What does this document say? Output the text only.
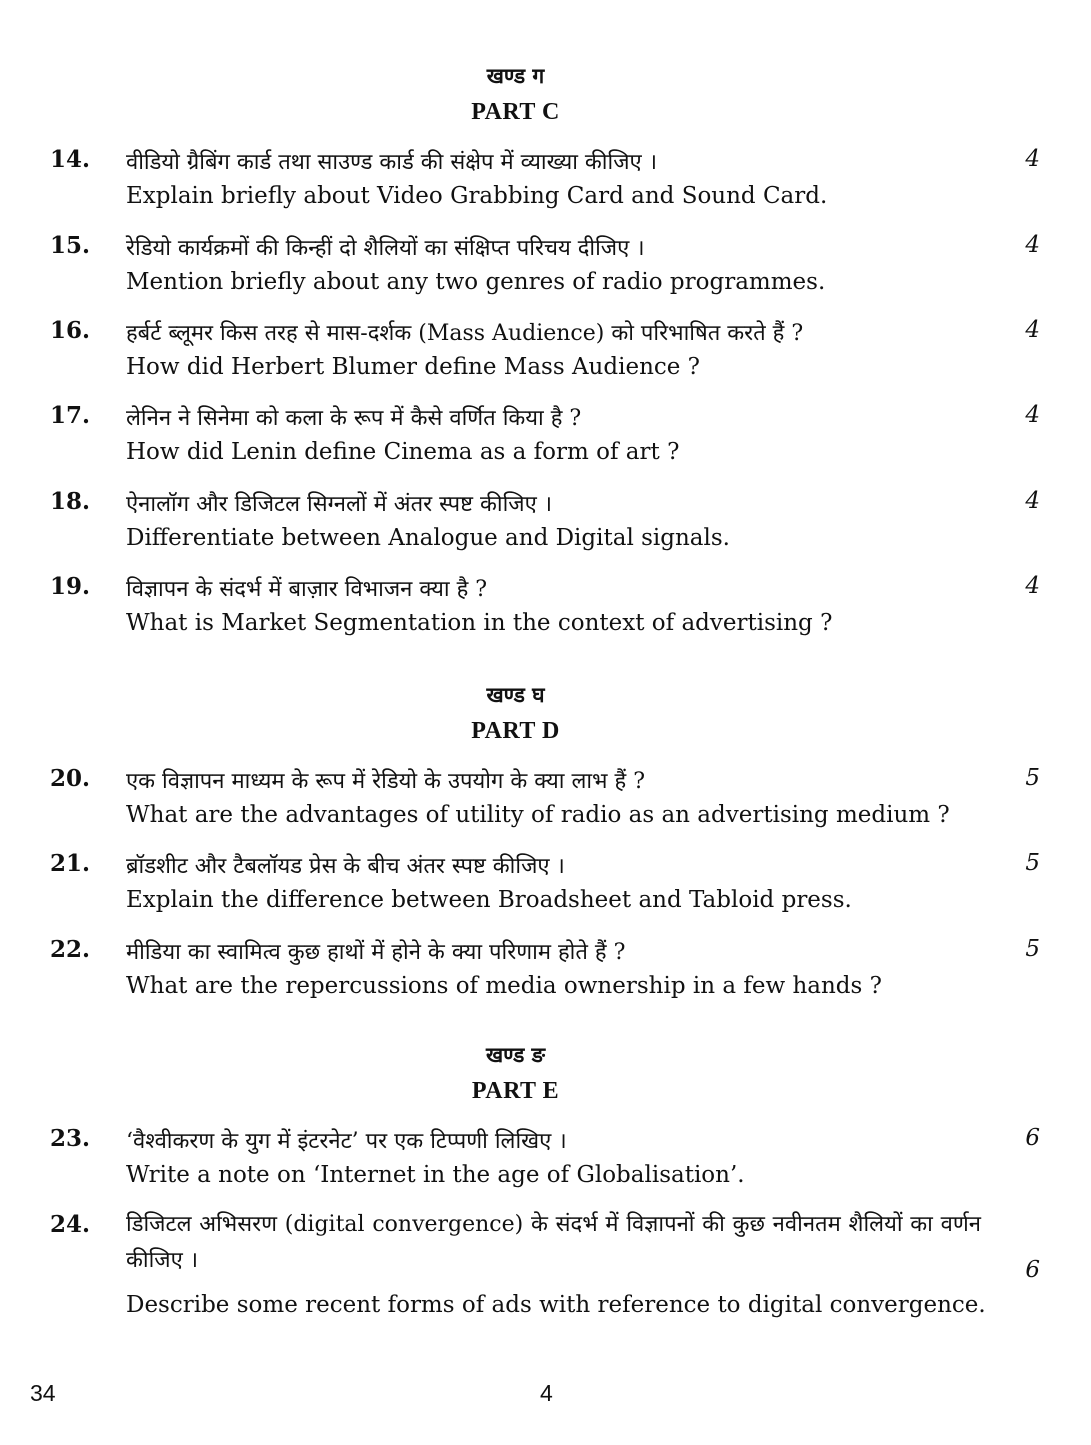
खण्ड ग
PART C
14. वीडियो ग्रैबिंग कार्ड तथा साउण्ड कार्ड की संक्षेप में व्याख्या कीजिए ।
Explain briefly about Video Grabbing Card and Sound Card.
4
15. रेडियो कार्यक्रमों की किन्हीं दो शैलियों का संक्षिप्त परिचय दीजिए ।
Mention briefly about any two genres of radio programmes.
4
16. हर्बर्ट ब्लूमर किस तरह से मास-दर्शक (Mass Audience) को परिभाषित करते हैं ?
How did Herbert Blumer define Mass Audience ?
4
17. लेनिन ने सिनेमा को कला के रूप में कैसे वर्णित किया है ?
How did Lenin define Cinema as a form of art ?
4
18. ऐनालॉग और डिजिटल सिग्नलों में अंतर स्पष्ट कीजिए ।
Differentiate between Analogue and Digital signals.
4
19. विज्ञापन के संदर्भ में बाज़ार विभाजन क्या है ?
What is Market Segmentation in the context of advertising ?
4
खण्ड घ
PART D
20. एक विज्ञापन माध्यम के रूप में रेडियो के उपयोग के क्या लाभ हैं ?
What are the advantages of utility of radio as an advertising medium ?
5
21. ब्रॉडशीट और टैबलॉयड प्रेस के बीच अंतर स्पष्ट कीजिए ।
Explain the difference between Broadsheet and Tabloid press.
5
22. मीडिया का स्वामित्व कुछ हाथों में होने के क्या परिणाम होते हैं ?
What are the repercussions of media ownership in a few hands ?
5
खण्ड ङ
PART E
23. ‘वैश्वीकरण के युग में इंटरनेट’ पर एक टिप्पणी लिखिए ।
Write a note on ‘Internet in the age of Globalisation’.
6
24. डिजिटल अभिसरण (digital convergence) के संदर्भ में विज्ञापनों की कुछ नवीनतम शैलियों का वर्णन कीजिए ।
Describe some recent forms of ads with reference to digital convergence.
6
34	4
